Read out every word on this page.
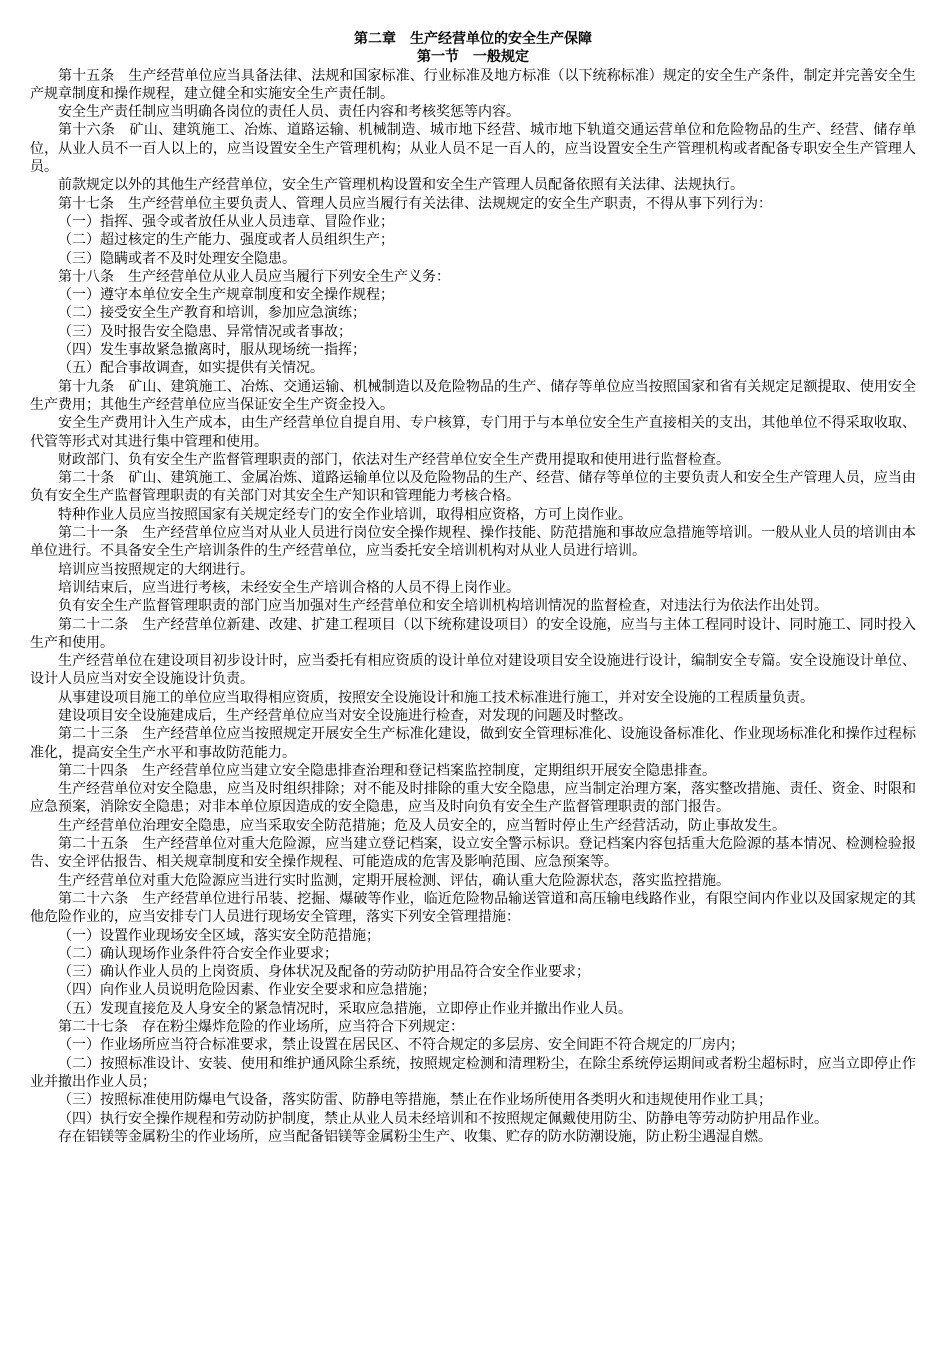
第二章　生产经营单位的安全生产保障
第一节　一般规定
第十五条　生产经营单位应当具备法律、法规和国家标准、行业标准及地方标准（以下统称标准）规定的安全生产条件，制定并完善安全生产规章制度和操作规程，建立健全和实施安全生产责任制。
安全生产责任制应当明确各岗位的责任人员、责任内容和考核奖惩等内容。
第十六条　矿山、建筑施工、冶炼、道路运输、机械制造、城市地下经营、城市地下轨道交通运营单位和危险物品的生产、经营、储存单位，从业人员不一百人以上的，应当设置安全生产管理机构；从业人员不足一百人的，应当设置安全生产管理机构或者配备专职安全生产管理人员。
前款规定以外的其他生产经营单位，安全生产管理机构设置和安全生产管理人员配备依照有关法律、法规执行。
第十七条　生产经营单位主要负责人、管理人员应当履行有关法律、法规规定的安全生产职责，不得从事下列行为：
（一）指挥、强令或者放任从业人员违章、冒险作业；
（二）超过核定的生产能力、强度或者人员组织生产；
（三）隐瞒或者不及时处理安全隐患。
第十八条　生产经营单位从业人员应当履行下列安全生产义务：
（一）遵守本单位安全生产规章制度和安全操作规程；
（二）接受安全生产教育和培训，参加应急演练；
（三）及时报告安全隐患、异常情况或者事故；
（四）发生事故紧急撤离时，服从现场统一指挥；
（五）配合事故调查，如实提供有关情况。
第十九条　矿山、建筑施工、冶炼、交通运输、机械制造以及危险物品的生产、储存等单位应当按照国家和省有关规定足额提取、使用安全生产费用；其他生产经营单位应当保证安全生产资金投入。
安全生产费用计入生产成本，由生产经营单位自提自用、专户核算，专门用于与本单位安全生产直接相关的支出，其他单位不得采取收取、代管等形式对其进行集中管理和使用。
财政部门、负有安全生产监督管理职责的部门，依法对生产经营单位安全生产费用提取和使用进行监督检查。
第二十条　矿山、建筑施工、金属冶炼、道路运输单位以及危险物品的生产、经营、储存等单位的主要负责人和安全生产管理人员，应当由负有安全生产监督管理职责的有关部门对其安全生产知识和管理能力考核合格。
特种作业人员应当按照国家有关规定经专门的安全作业培训，取得相应资格，方可上岗作业。
第二十一条　生产经营单位应当对从业人员进行岗位安全操作规程、操作技能、防范措施和事故应急措施等培训。一般从业人员的培训由本单位进行。不具备安全生产培训条件的生产经营单位，应当委托安全培训机构对从业人员进行培训。
培训应当按照规定的大纲进行。
培训结束后，应当进行考核，未经安全生产培训合格的人员不得上岗作业。
负有安全生产监督管理职责的部门应当加强对生产经营单位和安全培训机构培训情况的监督检查，对违法行为依法作出处罚。
第二十二条　生产经营单位新建、改建、扩建工程项目（以下统称建设项目）的安全设施，应当与主体工程同时设计、同时施工、同时投入生产和使用。
生产经营单位在建设项目初步设计时，应当委托有相应资质的设计单位对建设项目安全设施进行设计，编制安全专篇。安全设施设计单位、设计人员应当对安全设施设计负责。
从事建设项目施工的单位应当取得相应资质，按照安全设施设计和施工技术标准进行施工，并对安全设施的工程质量负责。
建设项目安全设施建成后，生产经营单位应当对安全设施进行检查，对发现的问题及时整改。
第二十三条　生产经营单位应当按照规定开展安全生产标准化建设，做到安全管理标准化、设施设备标准化、作业现场标准化和操作过程标准化，提高安全生产水平和事故防范能力。
第二十四条　生产经营单位应当建立安全隐患排查治理和登记档案监控制度，定期组织开展安全隐患排查。
生产经营单位对安全隐患，应当及时组织排除；对不能及时排除的重大安全隐患，应当制定治理方案，落实整改措施、责任、资金、时限和应急预案，消除安全隐患；对非本单位原因造成的安全隐患，应当及时向负有安全生产监督管理职责的部门报告。
生产经营单位治理安全隐患，应当采取安全防范措施；危及人员安全的，应当暂时停止生产经营活动，防止事故发生。
第二十五条　生产经营单位对重大危险源，应当建立登记档案，设立安全警示标识。登记档案内容包括重大危险源的基本情况、检测检验报告、安全评估报告、相关规章制度和安全操作规程、可能造成的危害及影响范围、应急预案等。
生产经营单位对重大危险源应当进行实时监测，定期开展检测、评估，确认重大危险源状态，落实监控措施。
第二十六条　生产经营单位进行吊装、挖掘、爆破等作业，临近危险物品输送管道和高压输电线路作业，有限空间内作业以及国家规定的其他危险作业的，应当安排专门人员进行现场安全管理，落实下列安全管理措施：
（一）设置作业现场安全区域，落实安全防范措施；
（二）确认现场作业条件符合安全作业要求；
（三）确认作业人员的上岗资质、身体状况及配备的劳动防护用品符合安全作业要求；
（四）向作业人员说明危险因素、作业安全要求和应急措施；
（五）发现直接危及人身安全的紧急情况时，采取应急措施，立即停止作业并撤出作业人员。
第二十七条　存在粉尘爆炸危险的作业场所，应当符合下列规定：
（一）作业场所应当符合标准要求，禁止设置在居民区、不符合规定的多层房、安全间距不符合规定的厂房内；
（二）按照标准设计、安装、使用和维护通风除尘系统，按照规定检测和清理粉尘，在除尘系统停运期间或者粉尘超标时，应当立即停止作业并撤出作业人员；
（三）按照标准使用防爆电气设备，落实防雷、防静电等措施，禁止在作业场所使用各类明火和违规使用作业工具；
（四）执行安全操作规程和劳动防护制度，禁止从业人员未经培训和不按照规定佩戴使用防尘、防静电等劳动防护用品作业。
存在铝镁等金属粉尘的作业场所，应当配备铝镁等金属粉尘生产、收集、贮存的防水防潮设施，防止粉尘遇湿自燃。
